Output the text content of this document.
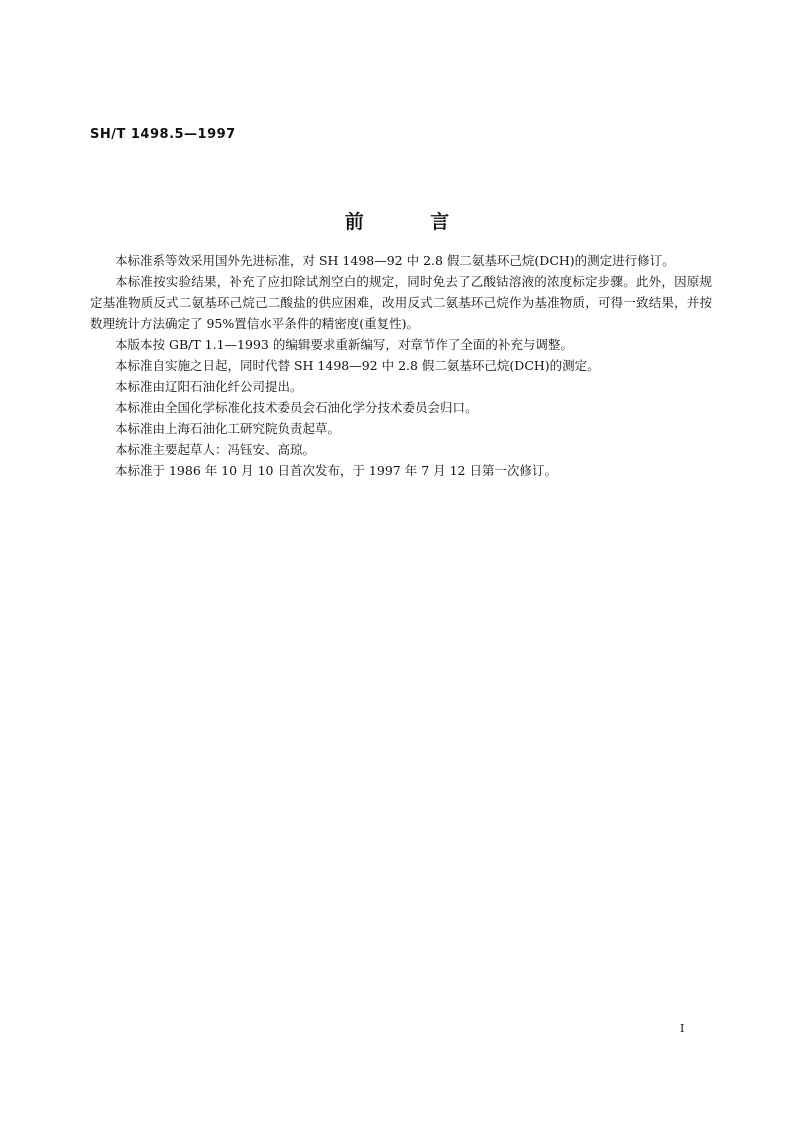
SH/T 1498.5—1997
前 言

本标准系等效采用国外先进标准，对 SH 1498—92 中 2.8 假二氨基环己烷(DCH)的测定进行修订。

本标准按实验结果，补充了应扣除试剂空白的规定，同时免去了乙酸钴溶液的浓度标定步骤。此外，因原规定基准物质反式二氨基环己烷己二酸盐的供应困难，改用反式二氨基环己烷作为基准物质，可得一致结果，并按数理统计方法确定了 95%置信水平条件的精密度(重复性)。

本版本按 GB/T 1.1—1993 的编辑要求重新编写，对章节作了全面的补充与调整。

本标准自实施之日起，同时代替 SH 1498—92 中 2.8 假二氨基环己烷(DCH)的测定。

本标准由辽阳石油化纤公司提出。

本标准由全国化学标准化技术委员会石油化学分技术委员会归口。

本标准由上海石油化工研究院负责起草。

本标准主要起草人：冯钰安、高琼。

本标准于 1986 年 10 月 10 日首次发布，于 1997 年 7 月 12 日第一次修订。

I
